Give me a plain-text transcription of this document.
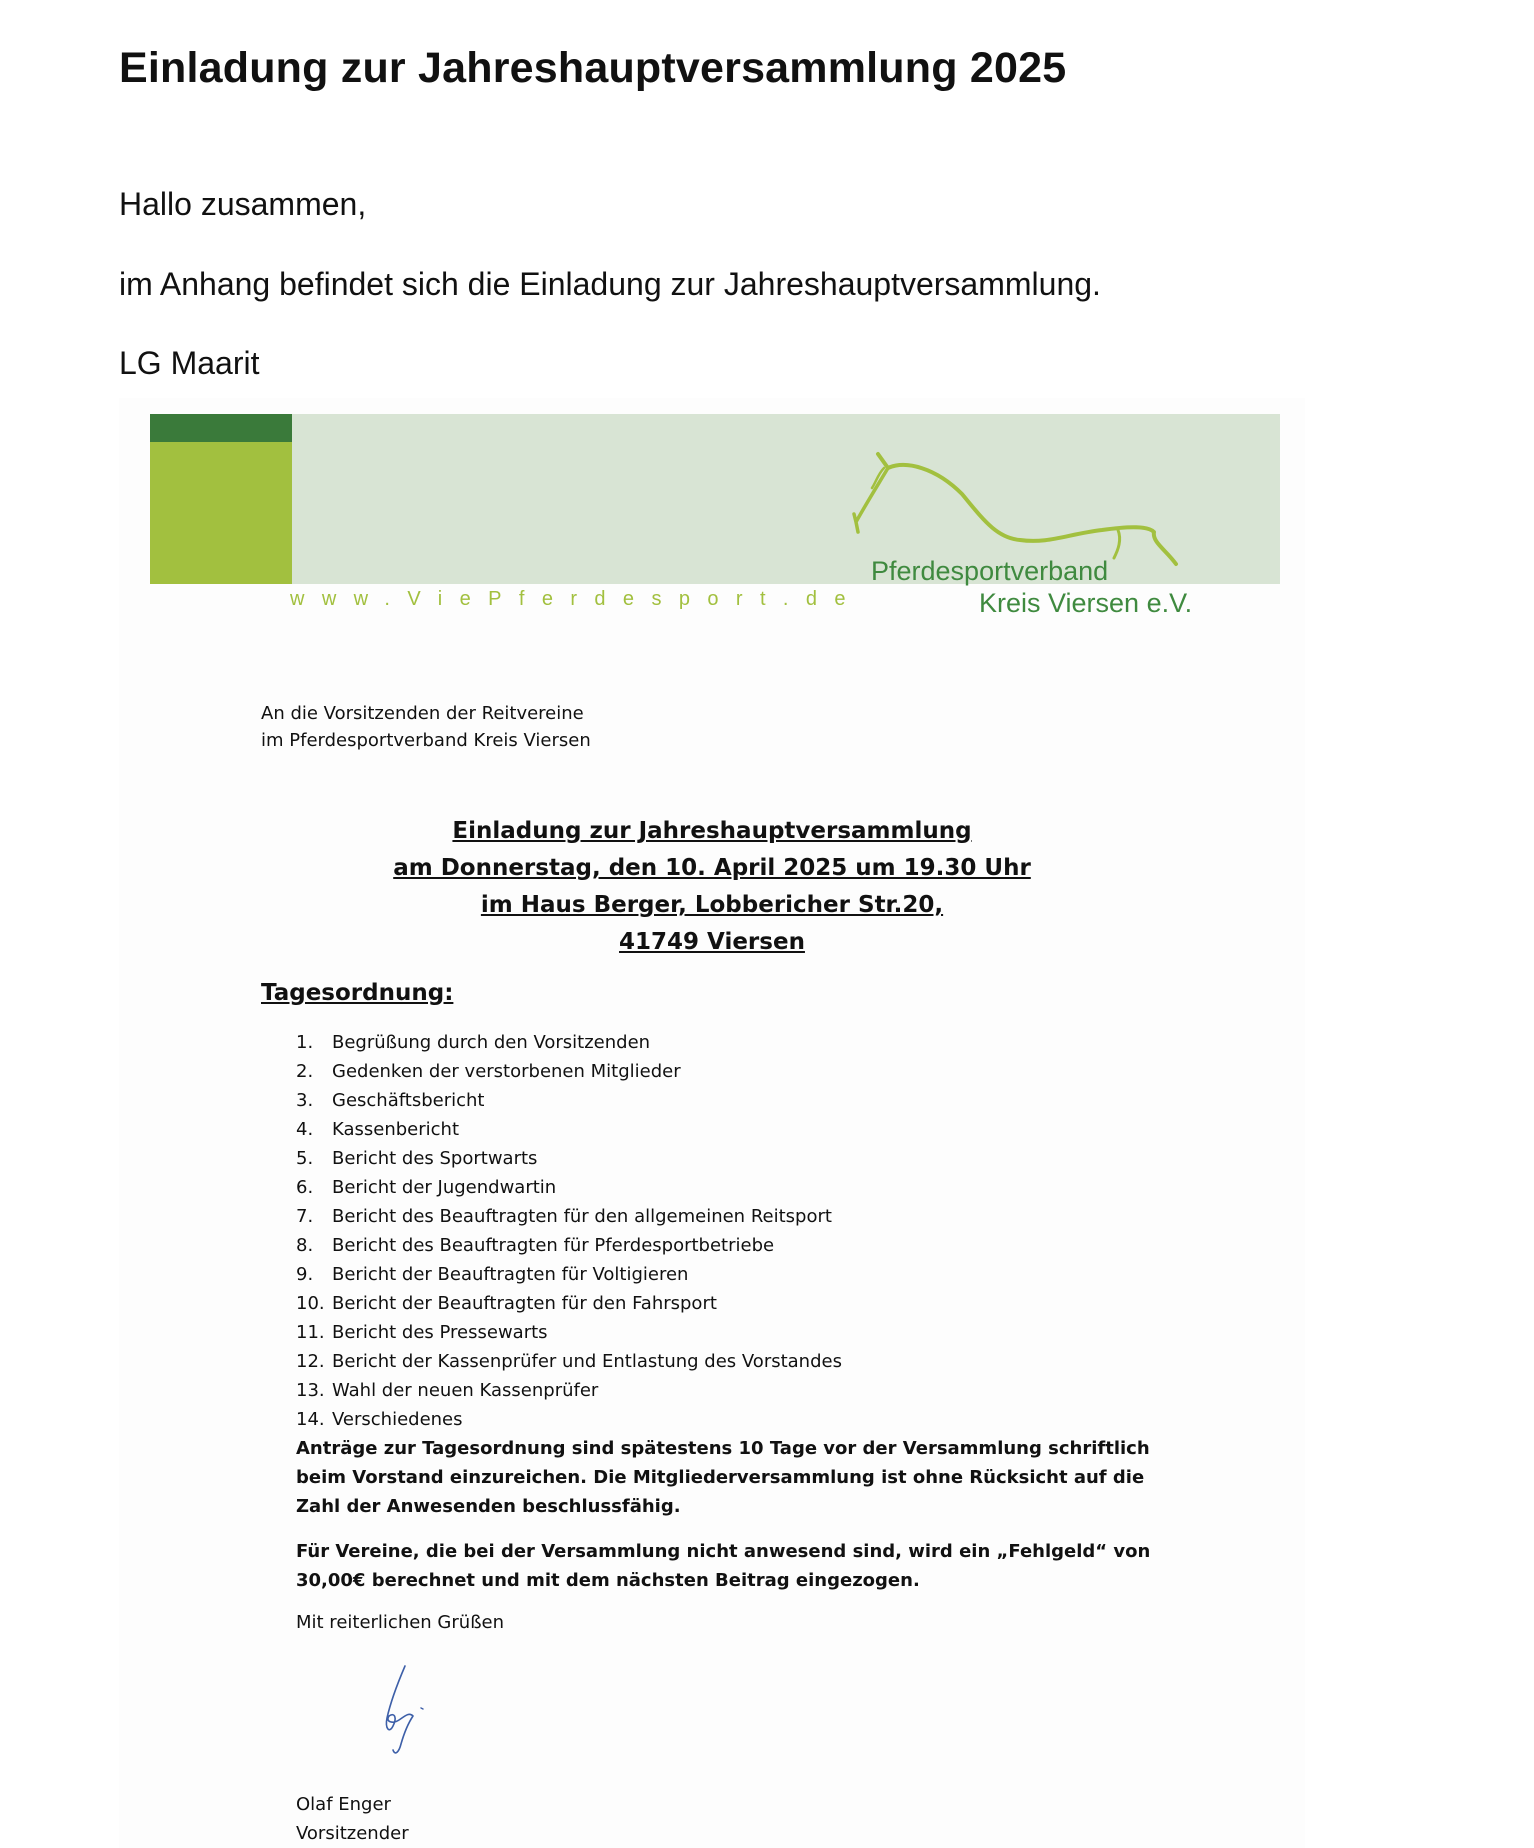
Einladung zur Jahreshauptversammlung 2025

Hallo zusammen,

im Anhang befindet sich die Einladung zur Jahreshauptversammlung.

LG Maarit

www.ViePferdesport.de

Pferdesportverband

Kreis Viersen e.V.

An die Vorsitzenden der Reitvereine
im Pferdesportverband Kreis Viersen
Einladung zur Jahreshauptversammlung
am Donnerstag, den 10. April 2025 um 19.30 Uhr
im Haus Berger, Lobbericher Str.20,
41749 Viersen

Tagesordnung:

1.	Begrüßung durch den Vorsitzenden
2.	Gedenken der verstorbenen Mitglieder
3.	Geschäftsbericht
4.	Kassenbericht
5.	Bericht des Sportwarts
6.	Bericht der Jugendwartin
7.	Bericht des Beauftragten für den allgemeinen Reitsport
8.	Bericht des Beauftragten für Pferdesportbetriebe
9.	Bericht der Beauftragten für Voltigieren
10. Bericht der Beauftragten für den Fahrsport
11. Bericht des Pressewarts
12. Bericht der Kassenprüfer und Entlastung des Vorstandes
13. Wahl der neuen Kassenprüfer
14. Verschiedenes

Anträge zur Tagesordnung sind spätestens 10 Tage vor der Versammlung schriftlich beim Vorstand einzureichen. Die Mitgliederversammlung ist ohne Rücksicht auf die Zahl der Anwesenden beschlussfähig.

Für Vereine, die bei der Versammlung nicht anwesend sind, wird ein „Fehlgeld“ von 30,00€ berechnet und mit dem nächsten Beitrag eingezogen.

Mit reiterlichen Grüßen

Olaf Enger
Vorsitzender
